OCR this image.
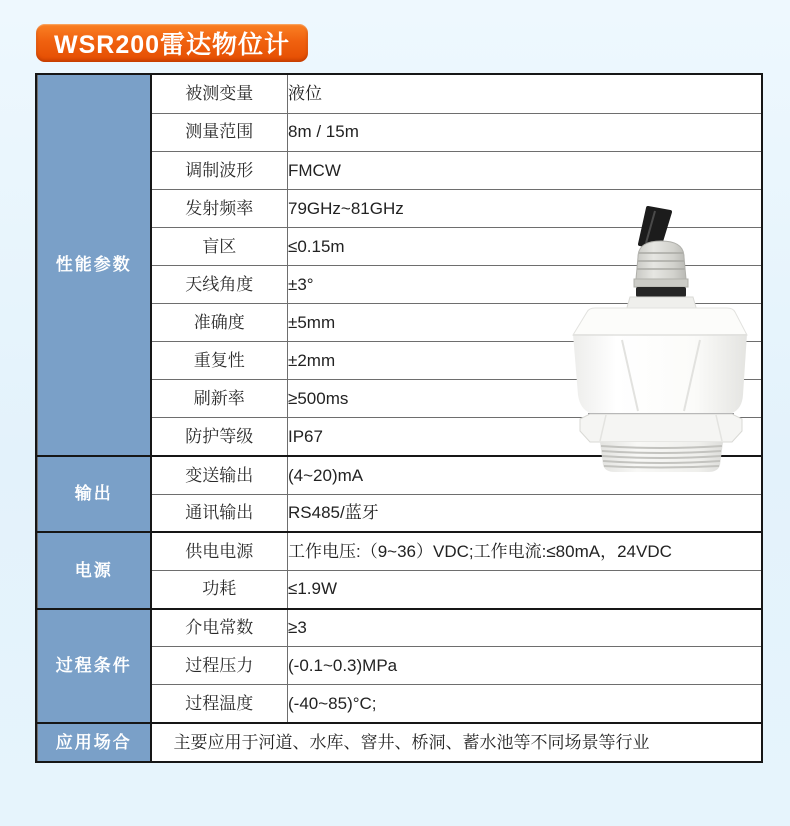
WSR200雷达物位计
性能参数	被测变量	液位
	测量范围	8m / 15m
	调制波形	FMCW
	发射频率	79GHz~81GHz
	盲区	≤0.15m
	天线角度	±3°
	准确度	±5mm
	重复性	±2mm
	刷新率	≥500ms
	防护等级	IP67
输出	变送输出	(4~20)mA
	通讯输出	RS485/蓝牙
电源	供电电源	工作电压:（9~36）VDC;工作电流:≤80mA，24VDC
	功耗	≤1.9W
过程条件	介电常数	≥3
	过程压力	(-0.1~0.3)MPa
	过程温度	(-40~85)°C;
应用场合	主要应用于河道、水库、窨井、桥洞、蓄水池等不同场景等行业	
